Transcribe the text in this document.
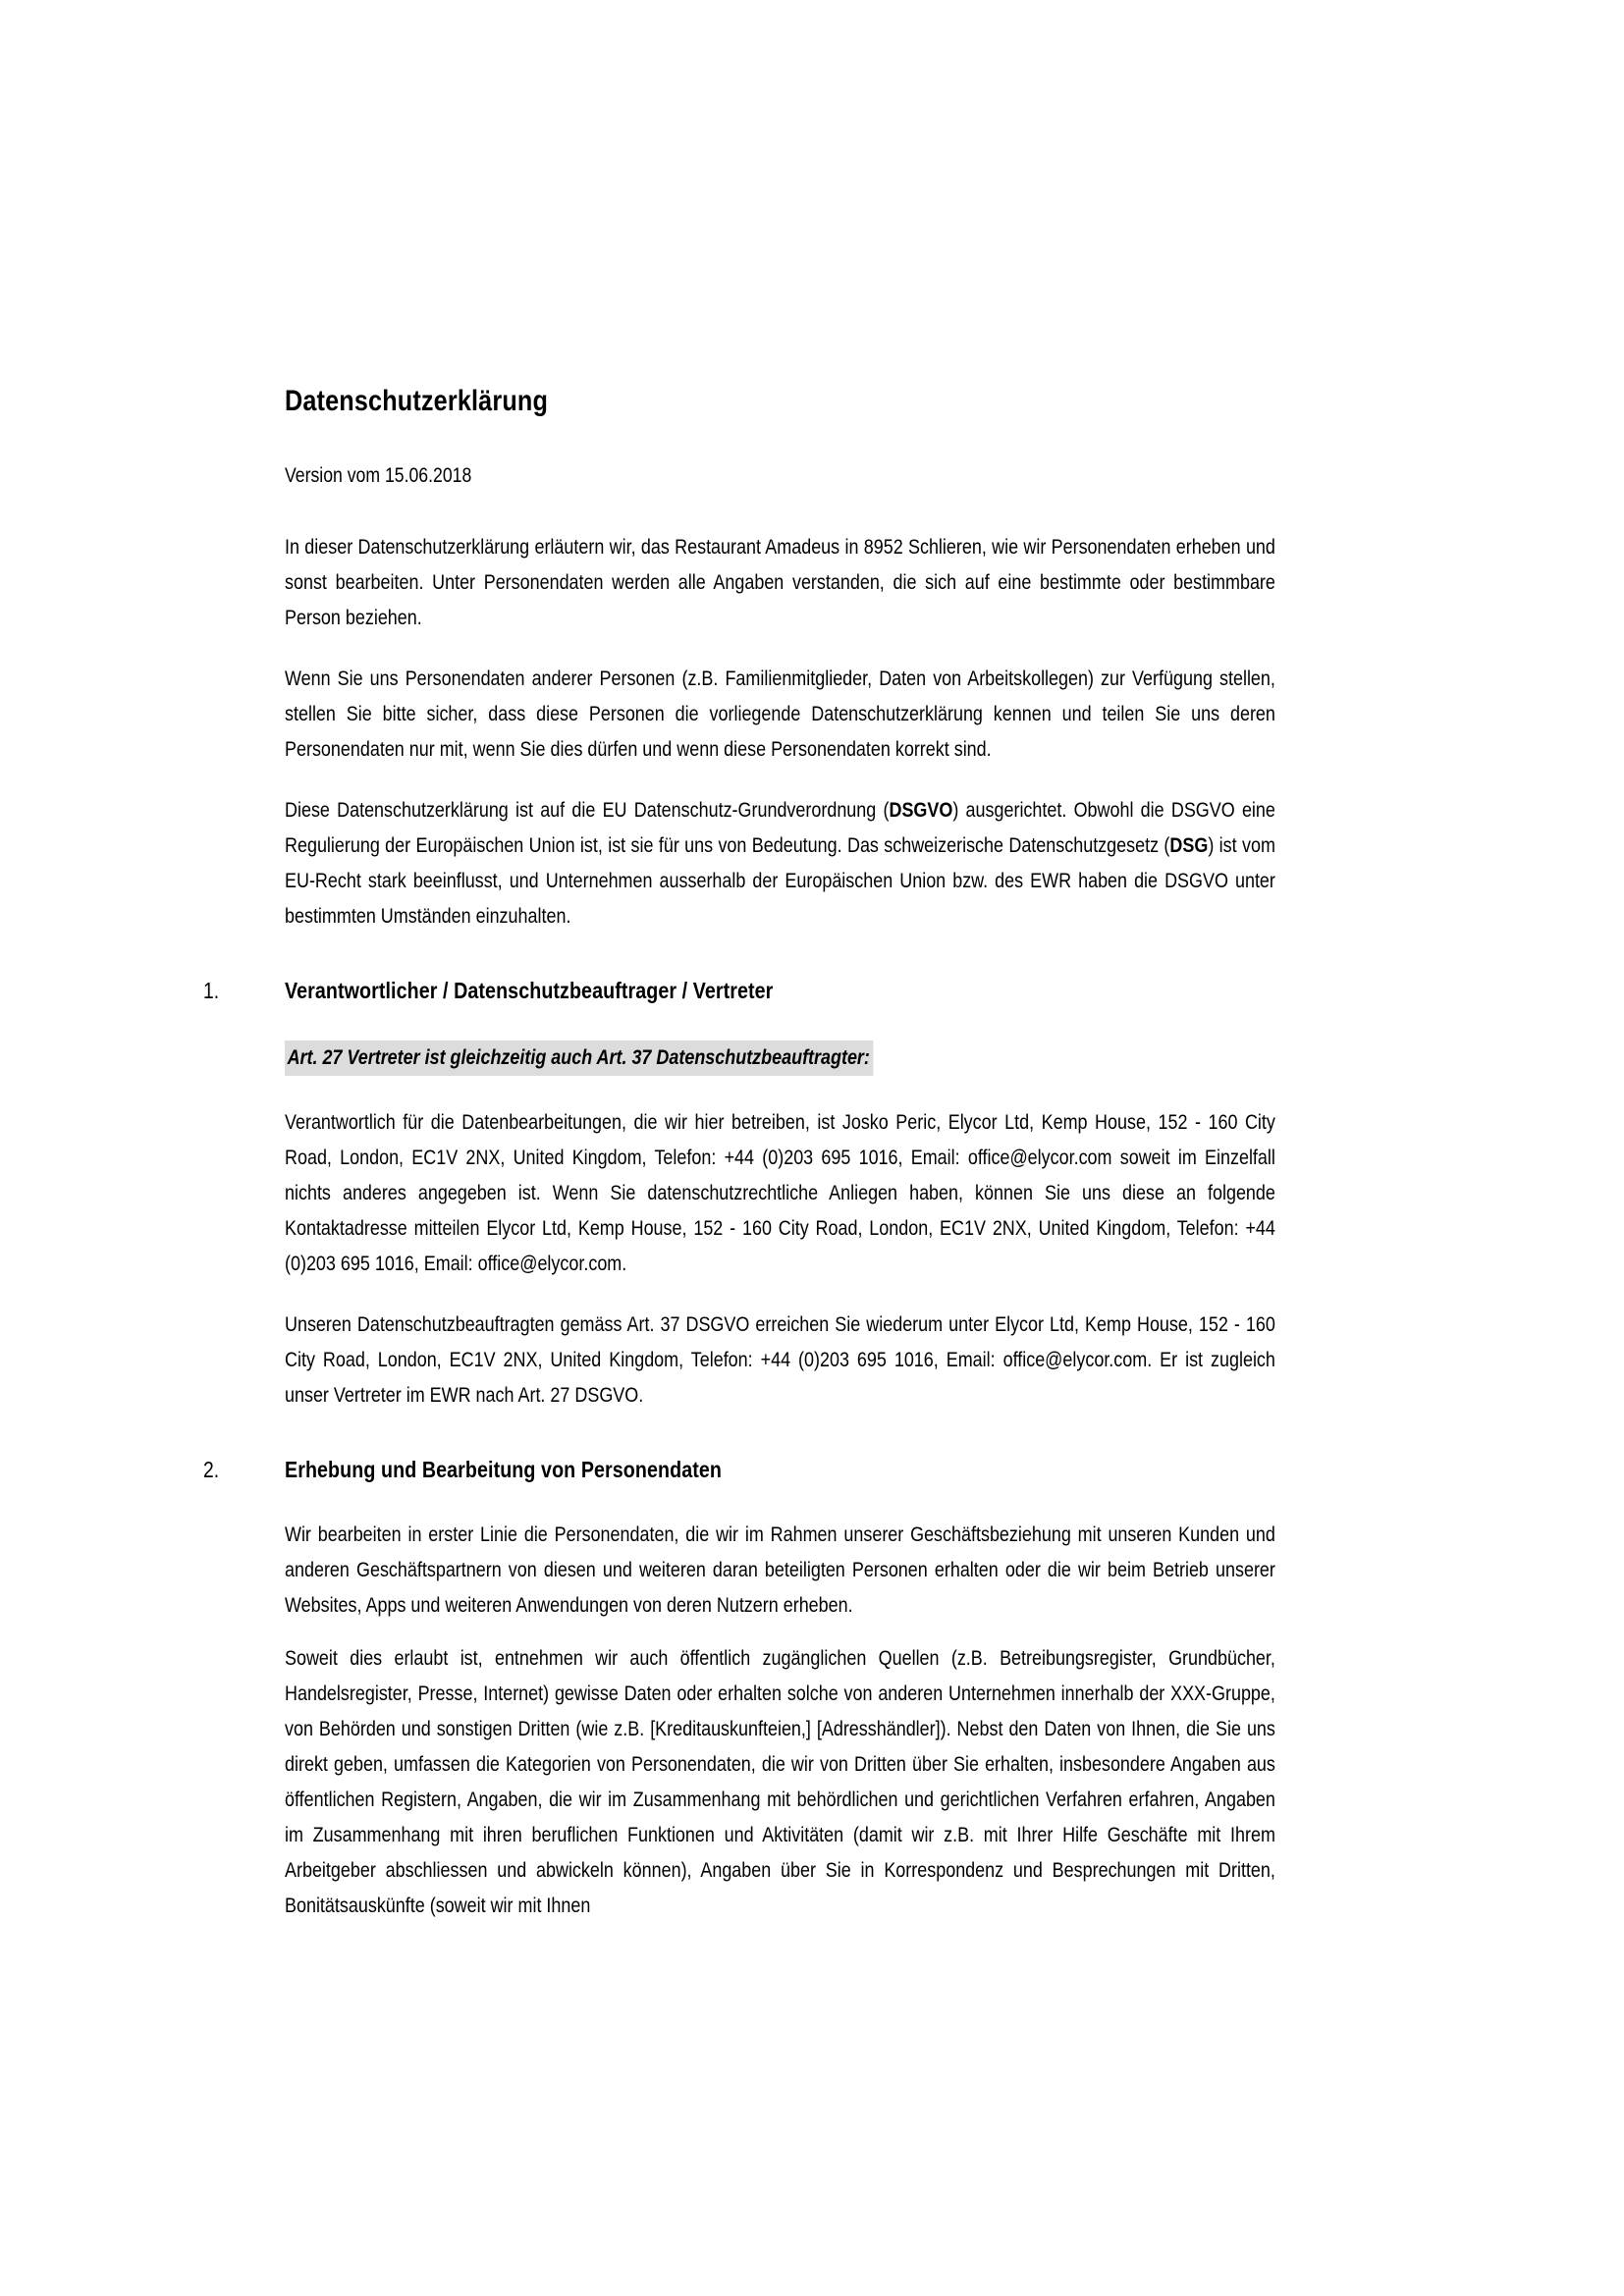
Datenschutzerklärung
Version vom 15.06.2018

In dieser Datenschutzerklärung erläutern wir, das Restaurant Amadeus in 8952 Schlieren, wie wir Personendaten erheben und sonst bearbeiten. Unter Personendaten werden alle Angaben verstanden, die sich auf eine bestimmte oder bestimmbare Person beziehen.

Wenn Sie uns Personendaten anderer Personen (z.B. Familienmitglieder, Daten von Arbeitskollegen) zur Verfügung stellen, stellen Sie bitte sicher, dass diese Personen die vorliegende Datenschutzerklärung kennen und teilen Sie uns deren Personendaten nur mit, wenn Sie dies dürfen und wenn diese Personendaten korrekt sind.

Diese Datenschutzerklärung ist auf die EU Datenschutz-Grundverordnung (DSGVO) ausgerichtet. Obwohl die DSGVO eine Regulierung der Europäischen Union ist, ist sie für uns von Bedeutung. Das schweizerische Datenschutzgesetz (DSG) ist vom EU-Recht stark beeinflusst, und Unternehmen ausserhalb der Europäischen Union bzw. des EWR haben die DSGVO unter bestimmten Umständen einzuhalten.

1.	Verantwortlicher / Datenschutzbeauftrager / Vertreter
Art. 27 Vertreter ist gleichzeitig auch Art. 37 Datenschutzbeauftragter:

Verantwortlich für die Datenbearbeitungen, die wir hier betreiben, ist Josko Peric, Elycor Ltd, Kemp House, 152 - 160 City Road, London, EC1V 2NX, United Kingdom, Telefon: +44 (0)203 695 1016, Email: office@elycor.com soweit im Einzelfall nichts anderes angegeben ist. Wenn Sie datenschutzrechtliche Anliegen haben, können Sie uns diese an folgende Kontaktadresse mitteilen Elycor Ltd, Kemp House, 152 - 160 City Road, London, EC1V 2NX, United Kingdom, Telefon: +44 (0)203 695 1016, Email: office@elycor.com.

Unseren Datenschutzbeauftragten gemäss Art. 37 DSGVO erreichen Sie wiederum unter Elycor Ltd, Kemp House, 152 - 160 City Road, London, EC1V 2NX, United Kingdom, Telefon: +44 (0)203 695 1016, Email: office@elycor.com. Er ist zugleich unser Vertreter im EWR nach Art. 27 DSGVO.

2.	Erhebung und Bearbeitung von Personendaten

Wir bearbeiten in erster Linie die Personendaten, die wir im Rahmen unserer Geschäftsbeziehung mit unseren Kunden und anderen Geschäftspartnern von diesen und weiteren daran beteiligten Personen erhalten oder die wir beim Betrieb unserer Websites, Apps und weiteren Anwendungen von deren Nutzern erheben.

Soweit dies erlaubt ist, entnehmen wir auch öffentlich zugänglichen Quellen (z.B. Betreibungsregister, Grundbücher, Handelsregister, Presse, Internet) gewisse Daten oder erhalten solche von anderen Unternehmen innerhalb der XXX-Gruppe, von Behörden und sonstigen Dritten (wie z.B. [Kreditauskunfteien,] [Adresshändler]). Nebst den Daten von Ihnen, die Sie uns direkt geben, umfassen die Kategorien von Personendaten, die wir von Dritten über Sie erhalten, insbesondere Angaben aus öffentlichen Registern, Angaben, die wir im Zusammenhang mit behördlichen und gerichtlichen Verfahren erfahren, Angaben im Zusammenhang mit ihren beruflichen Funktionen und Aktivitäten (damit wir z.B. mit Ihrer Hilfe Geschäfte mit Ihrem Arbeitgeber abschliessen und abwickeln können), Angaben über Sie in Korrespondenz und Besprechungen mit Dritten, Bonitätsauskünfte (soweit wir mit Ihnen
